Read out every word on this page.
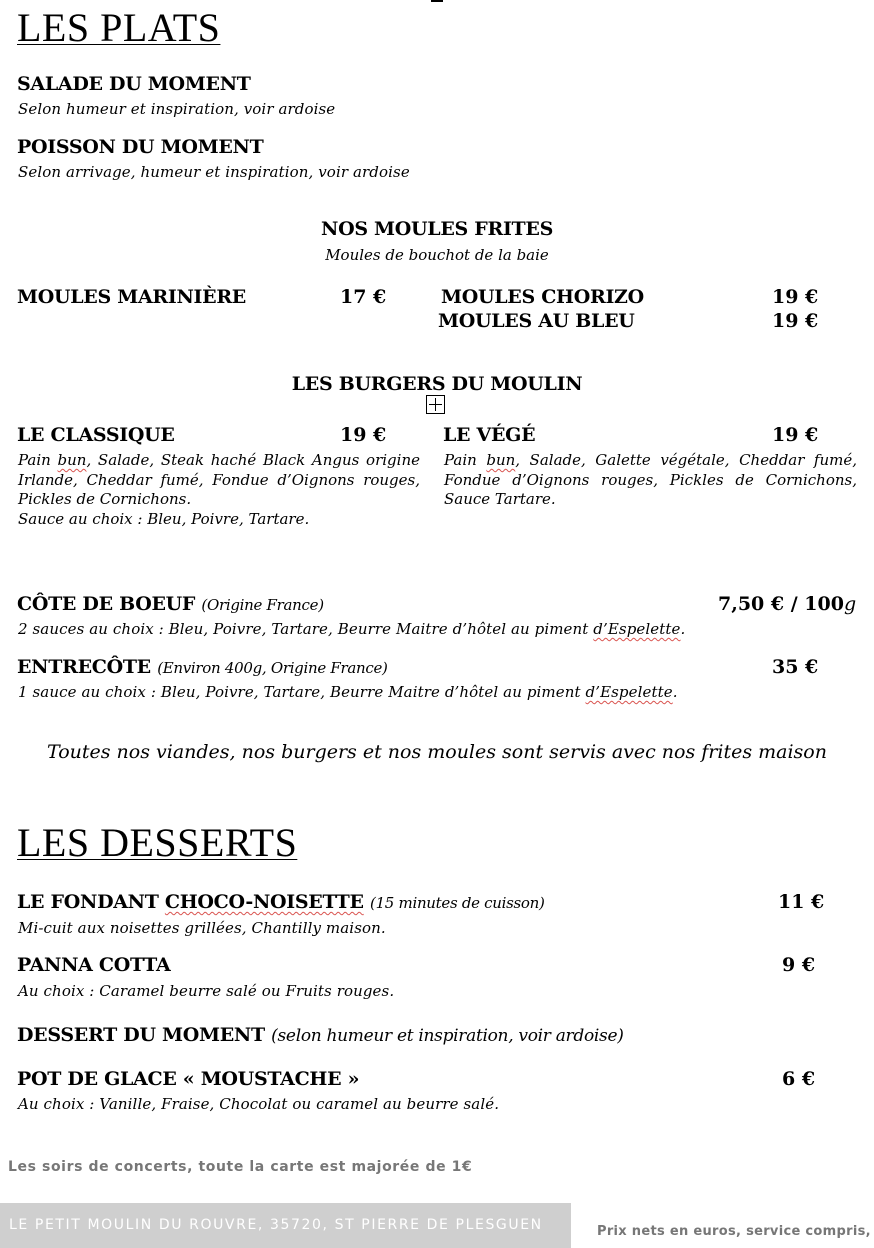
LES PLATS
SALADE DU MOMENT
Selon humeur et inspiration, voir ardoise
POISSON DU MOMENT
Selon arrivage, humeur et inspiration, voir ardoise
NOS MOULES FRITES
Moules de bouchot de la baie
MOULES MARINIÈRE	17 €	MOULES CHORIZO	19 €
MOULES AU BLEU	19 €
LES BURGERS DU MOULIN
LE CLASSIQUE	19 €
Pain bun, Salade, Steak haché Black Angus origine Irlande, Cheddar fumé, Fondue d’Oignons rouges, Pickles de Cornichons.
Sauce au choix : Bleu, Poivre, Tartare.
LE VÉGÉ	19 €
Pain bun, Salade, Galette végétale, Cheddar fumé, Fondue d’Oignons rouges, Pickles de Cornichons, Sauce Tartare.
CÔTE DE BOEUF (Origine France)	7,50 € / 100g
2 sauces au choix : Bleu, Poivre, Tartare, Beurre Maitre d’hôtel au piment d’Espelette.
ENTRECÔTE (Environ 400g, Origine France)	35 €
1 sauce au choix : Bleu, Poivre, Tartare, Beurre Maitre d’hôtel au piment d’Espelette.
Toutes nos viandes, nos burgers et nos moules sont servis avec nos frites maison
LES DESSERTS
LE FONDANT CHOCO-NOISETTE (15 minutes de cuisson)	11 €
Mi-cuit aux noisettes grillées, Chantilly maison.
PANNA COTTA	9 €
Au choix : Caramel beurre salé ou Fruits rouges.
DESSERT DU MOMENT (selon humeur et inspiration, voir ardoise)
POT DE GLACE « MOUSTACHE »	6 €
Au choix : Vanille, Fraise, Chocolat ou caramel au beurre salé.
Les soirs de concerts, toute la carte est majorée de 1€
LE PETIT MOULIN DU ROUVRE, 35720, ST PIERRE DE PLESGUEN	Prix nets en euros, service compris,
